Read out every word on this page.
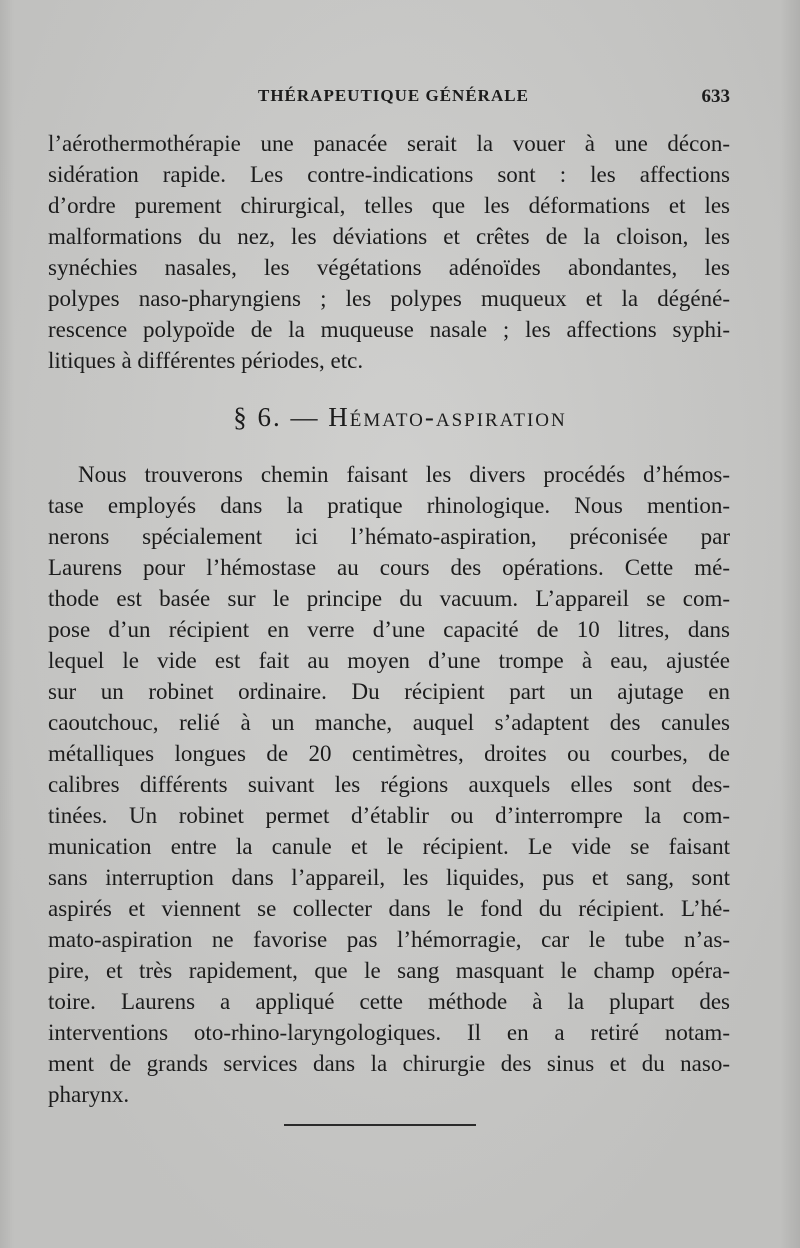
THÉRAPEUTIQUE GÉNÉRALE	633
l’aérothermothérapie une panacée serait la vouer à une décon-
sidération rapide. Les contre-indications sont : les affections
d’ordre purement chirurgical, telles que les déformations et les
malformations du nez, les déviations et crêtes de la cloison, les
synéchies nasales, les végétations adénoïdes abondantes, les
polypes naso-pharyngiens ; les polypes muqueux et la dégéné-
rescence polypoïde de la muqueuse nasale ; les affections syphi-
litiques à différentes périodes, etc.
§ 6. — Hémato-aspiration
Nous trouverons chemin faisant les divers procédés d’hémos-
tase employés dans la pratique rhinologique. Nous mention-
nerons spécialement ici l’hémato-aspiration, préconisée par
Laurens pour l’hémostase au cours des opérations. Cette mé-
thode est basée sur le principe du vacuum. L’appareil se com-
pose d’un récipient en verre d’une capacité de 10 litres, dans
lequel le vide est fait au moyen d’une trompe à eau, ajustée
sur un robinet ordinaire. Du récipient part un ajutage en
caoutchouc, relié à un manche, auquel s’adaptent des canules
métalliques longues de 20 centimètres, droites ou courbes, de
calibres différents suivant les régions auxquels elles sont des-
tinées. Un robinet permet d’établir ou d’interrompre la com-
munication entre la canule et le récipient. Le vide se faisant
sans interruption dans l’appareil, les liquides, pus et sang, sont
aspirés et viennent se collecter dans le fond du récipient. L’hé-
mato-aspiration ne favorise pas l’hémorragie, car le tube n’as-
pire, et très rapidement, que le sang masquant le champ opéra-
toire. Laurens a appliqué cette méthode à la plupart des
interventions oto-rhino-laryngologiques. Il en a retiré notam-
ment de grands services dans la chirurgie des sinus et du naso-
pharynx.
